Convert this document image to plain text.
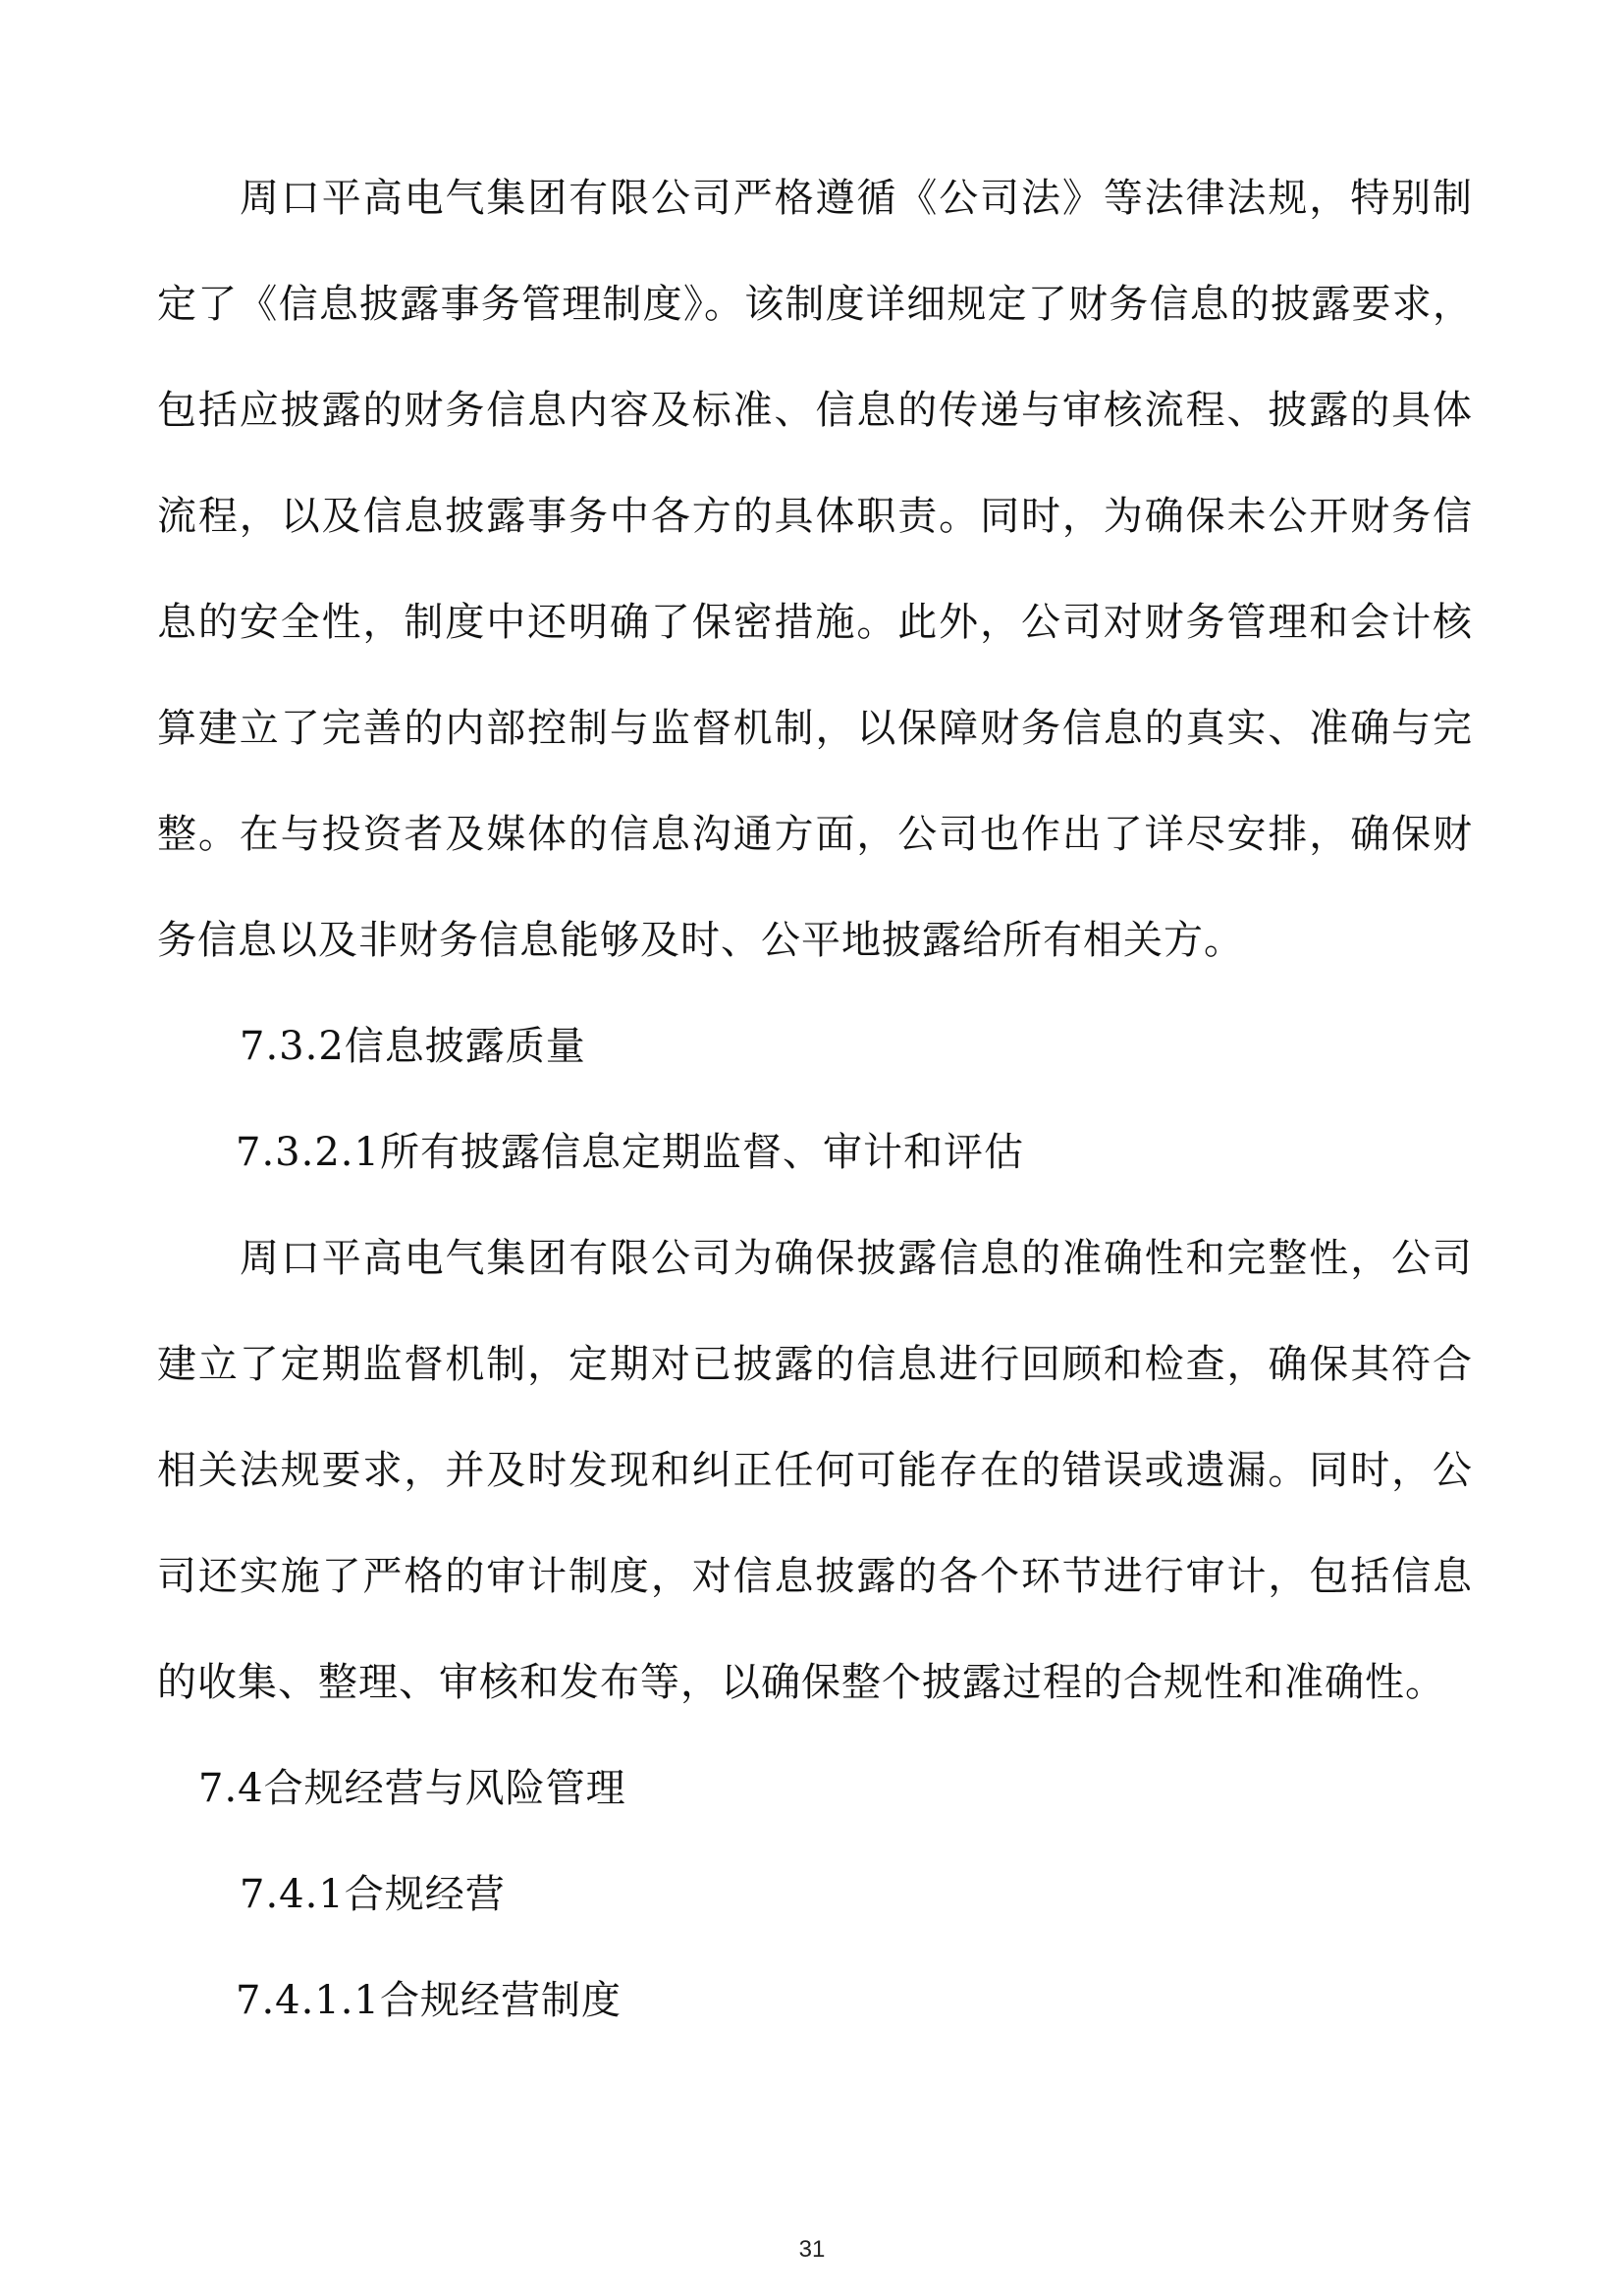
周口平高电气集团有限公司严格遵循《公司法》等法律法规，特别制定了《信息披露事务管理制度》。该制度详细规定了财务信息的披露要求，包括应披露的财务信息内容及标准、信息的传递与审核流程、披露的具体流程，以及信息披露事务中各方的具体职责。同时，为确保未公开财务信息的安全性，制度中还明确了保密措施。此外，公司对财务管理和会计核算建立了完善的内部控制与监督机制，以保障财务信息的真实、准确与完整。在与投资者及媒体的信息沟通方面，公司也作出了详尽安排，确保财务信息以及非财务信息能够及时、公平地披露给所有相关方。

7.3.2信息披露质量

7.3.2.1所有披露信息定期监督、审计和评估

周口平高电气集团有限公司为确保披露信息的准确性和完整性，公司建立了定期监督机制，定期对已披露的信息进行回顾和检查，确保其符合相关法规要求，并及时发现和纠正任何可能存在的错误或遗漏。同时，公司还实施了严格的审计制度，对信息披露的各个环节进行审计，包括信息的收集、整理、审核和发布等，以确保整个披露过程的合规性和准确性。

7.4合规经营与风险管理

7.4.1合规经营

7.4.1.1合规经营制度

31
